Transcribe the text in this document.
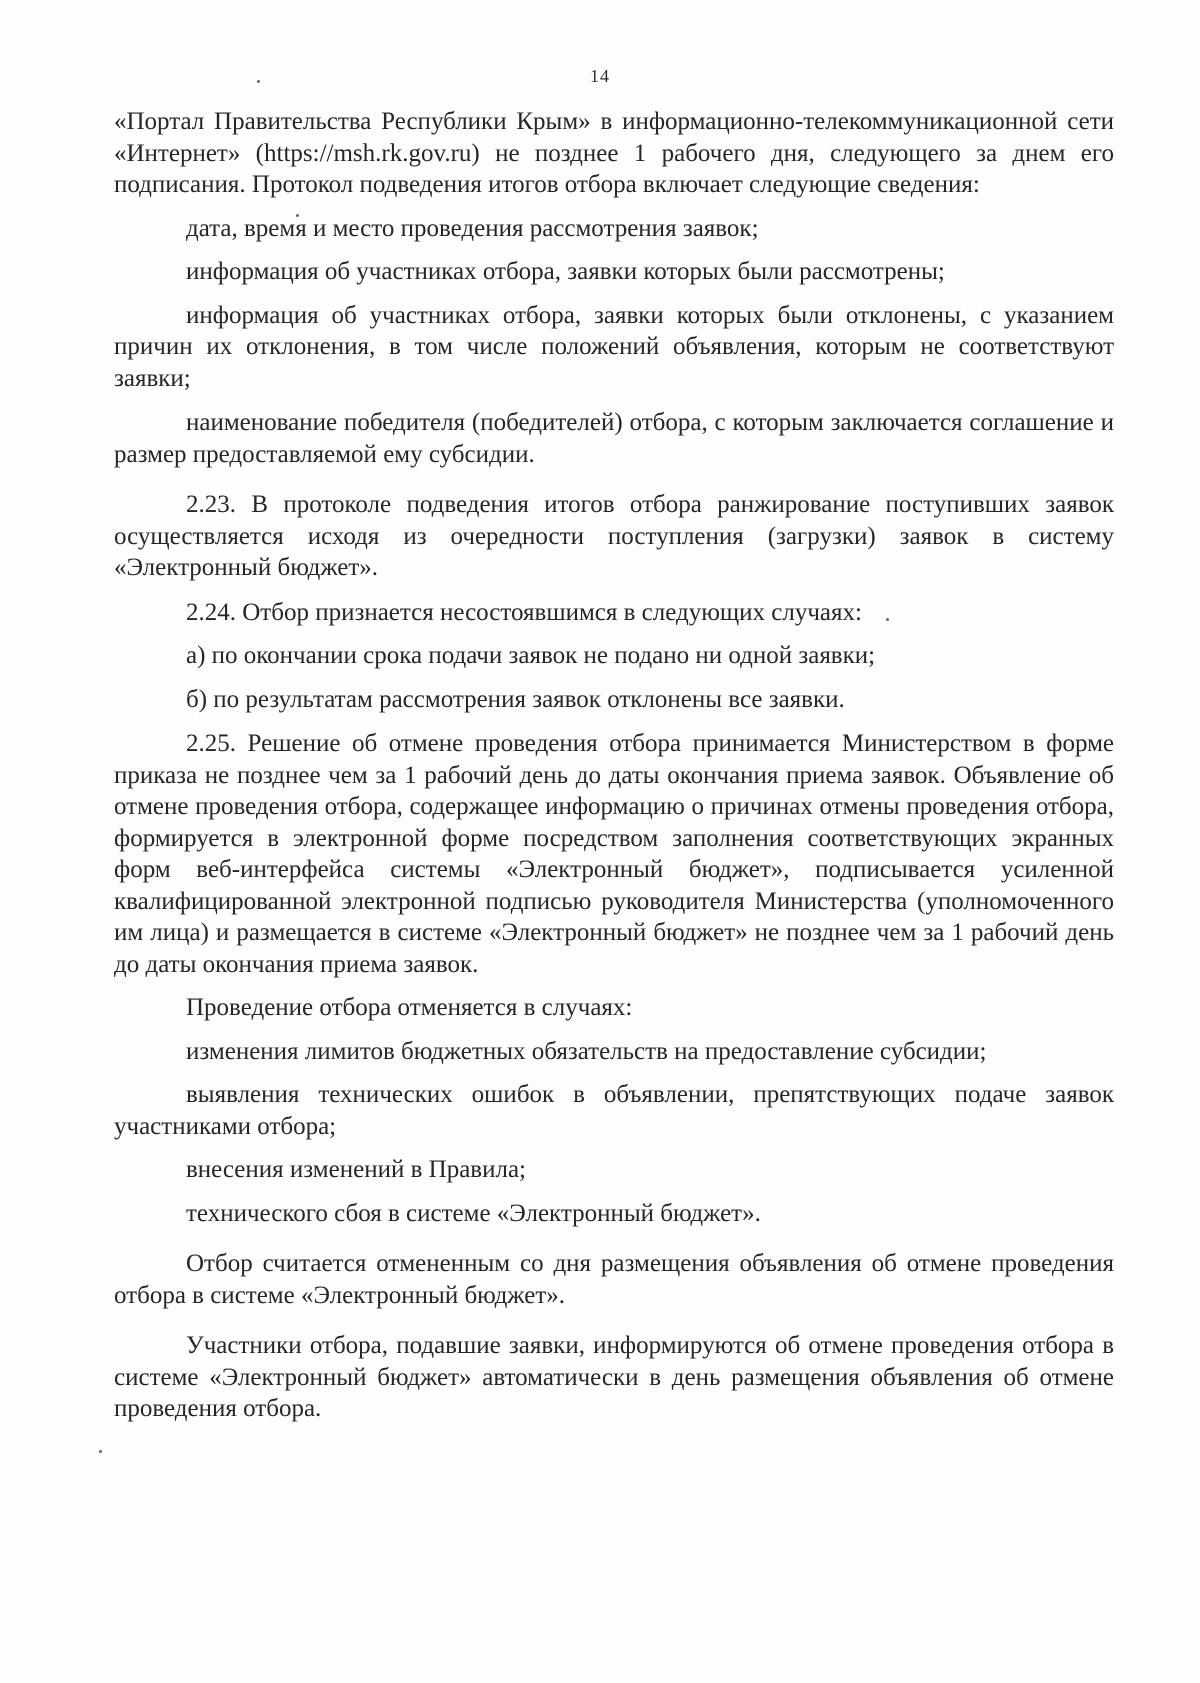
14

«Портал Правительства Республики Крым» в информационно-телекоммуникационной сети «Интернет» (https://msh.rk.gov.ru) не позднее 1 рабочего дня, следующего за днем его подписания. Протокол подведения итогов отбора включает следующие сведения:

дата, время и место проведения рассмотрения заявок;

информация об участниках отбора, заявки которых были рассмотрены;

информация об участниках отбора, заявки которых были отклонены, с указанием причин их отклонения, в том числе положений объявления, которым не соответствуют заявки;

наименование победителя (победителей) отбора, с которым заключается соглашение и размер предоставляемой ему субсидии.

2.23. В протоколе подведения итогов отбора ранжирование поступивших заявок осуществляется исходя из очередности поступления (загрузки) заявок в систему «Электронный бюджет».

2.24. Отбор признается несостоявшимся в следующих случаях:

а) по окончании срока подачи заявок не подано ни одной заявки;

б) по результатам рассмотрения заявок отклонены все заявки.

2.25. Решение об отмене проведения отбора принимается Министерством в форме приказа не позднее чем за 1 рабочий день до даты окончания приема заявок. Объявление об отмене проведения отбора, содержащее информацию о причинах отмены проведения отбора, формируется в электронной форме посредством заполнения соответствующих экранных форм веб-интерфейса системы «Электронный бюджет», подписывается усиленной квалифицированной электронной подписью руководителя Министерства (уполномоченного им лица) и размещается в системе «Электронный бюджет» не позднее чем за 1 рабочий день до даты окончания приема заявок.

Проведение отбора отменяется в случаях:

изменения лимитов бюджетных обязательств на предоставление субсидии;

выявления технических ошибок в объявлении, препятствующих подаче заявок участниками отбора;

внесения изменений в Правила;

технического сбоя в системе «Электронный бюджет».

Отбор считается отмененным со дня размещения объявления об отмене проведения отбора в системе «Электронный бюджет».

Участники отбора, подавшие заявки, информируются об отмене проведения отбора в системе «Электронный бюджет» автоматически в день размещения объявления об отмене проведения отбора.
